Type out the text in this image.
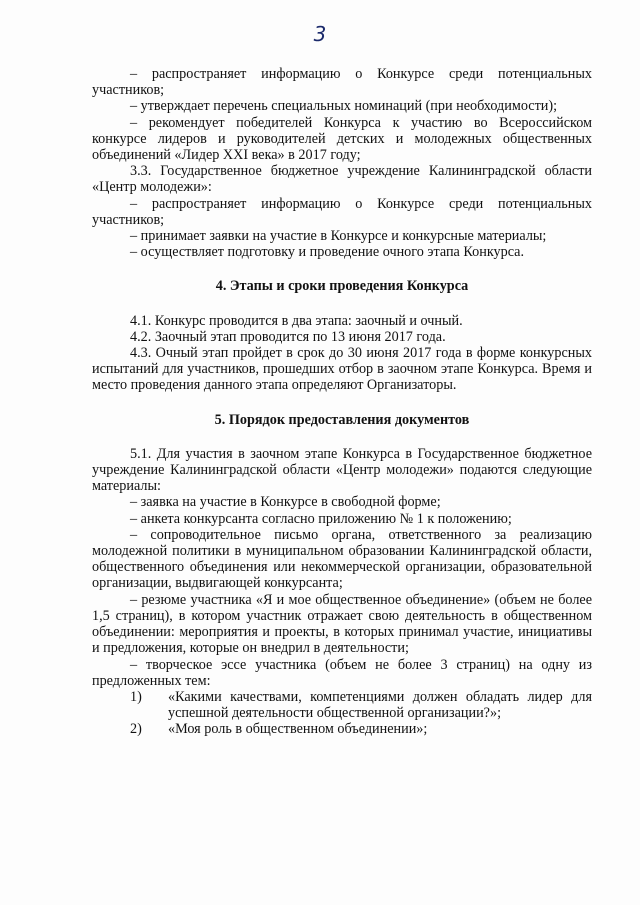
3

– распространяет информацию о Конкурсе среди потенциальных участников;

– утверждает перечень специальных номинаций (при необходимости);

– рекомендует победителей Конкурса к участию во Всероссийском конкурсе лидеров и руководителей детских и молодежных общественных объединений «Лидер XXI века» в 2017 году;

3.3. Государственное бюджетное учреждение Калининградской области «Центр молодежи»:

– распространяет информацию о Конкурсе среди потенциальных участников;

– принимает заявки на участие в Конкурсе и конкурсные материалы;

– осуществляет подготовку и проведение очного этапа Конкурса.

4. Этапы и сроки проведения Конкурса

4.1. Конкурс проводится в два этапа: заочный и очный.

4.2. Заочный этап проводится по 13 июня 2017 года.

4.3. Очный этап пройдет в срок до 30 июня 2017 года в форме конкурсных испытаний для участников, прошедших отбор в заочном этапе Конкурса. Время и место проведения данного этапа определяют Организаторы.

5. Порядок предоставления документов

5.1. Для участия в заочном этапе Конкурса в Государственное бюджетное учреждение Калининградской области «Центр молодежи» подаются следующие материалы:

– заявка на участие в Конкурсе в свободной форме;

– анкета конкурсанта согласно приложению № 1 к положению;

– сопроводительное письмо органа, ответственного за реализацию молодежной политики в муниципальном образовании Калининградской области, общественного объединения или некоммерческой организации, образовательной организации, выдвигающей конкурсанта;

– резюме участника «Я и мое общественное объединение» (объем не более 1,5 страниц), в котором участник отражает свою деятельность в общественном объединении: мероприятия и проекты, в которых принимал участие, инициативы и предложения, которые он внедрил в деятельности;

– творческое эссе участника (объем не более 3 страниц) на одну из предложенных тем:

1)	«Какими качествами, компетенциями должен обладать лидер для успешной деятельности общественной организации?»;
2)	«Моя роль в общественном объединении»;
